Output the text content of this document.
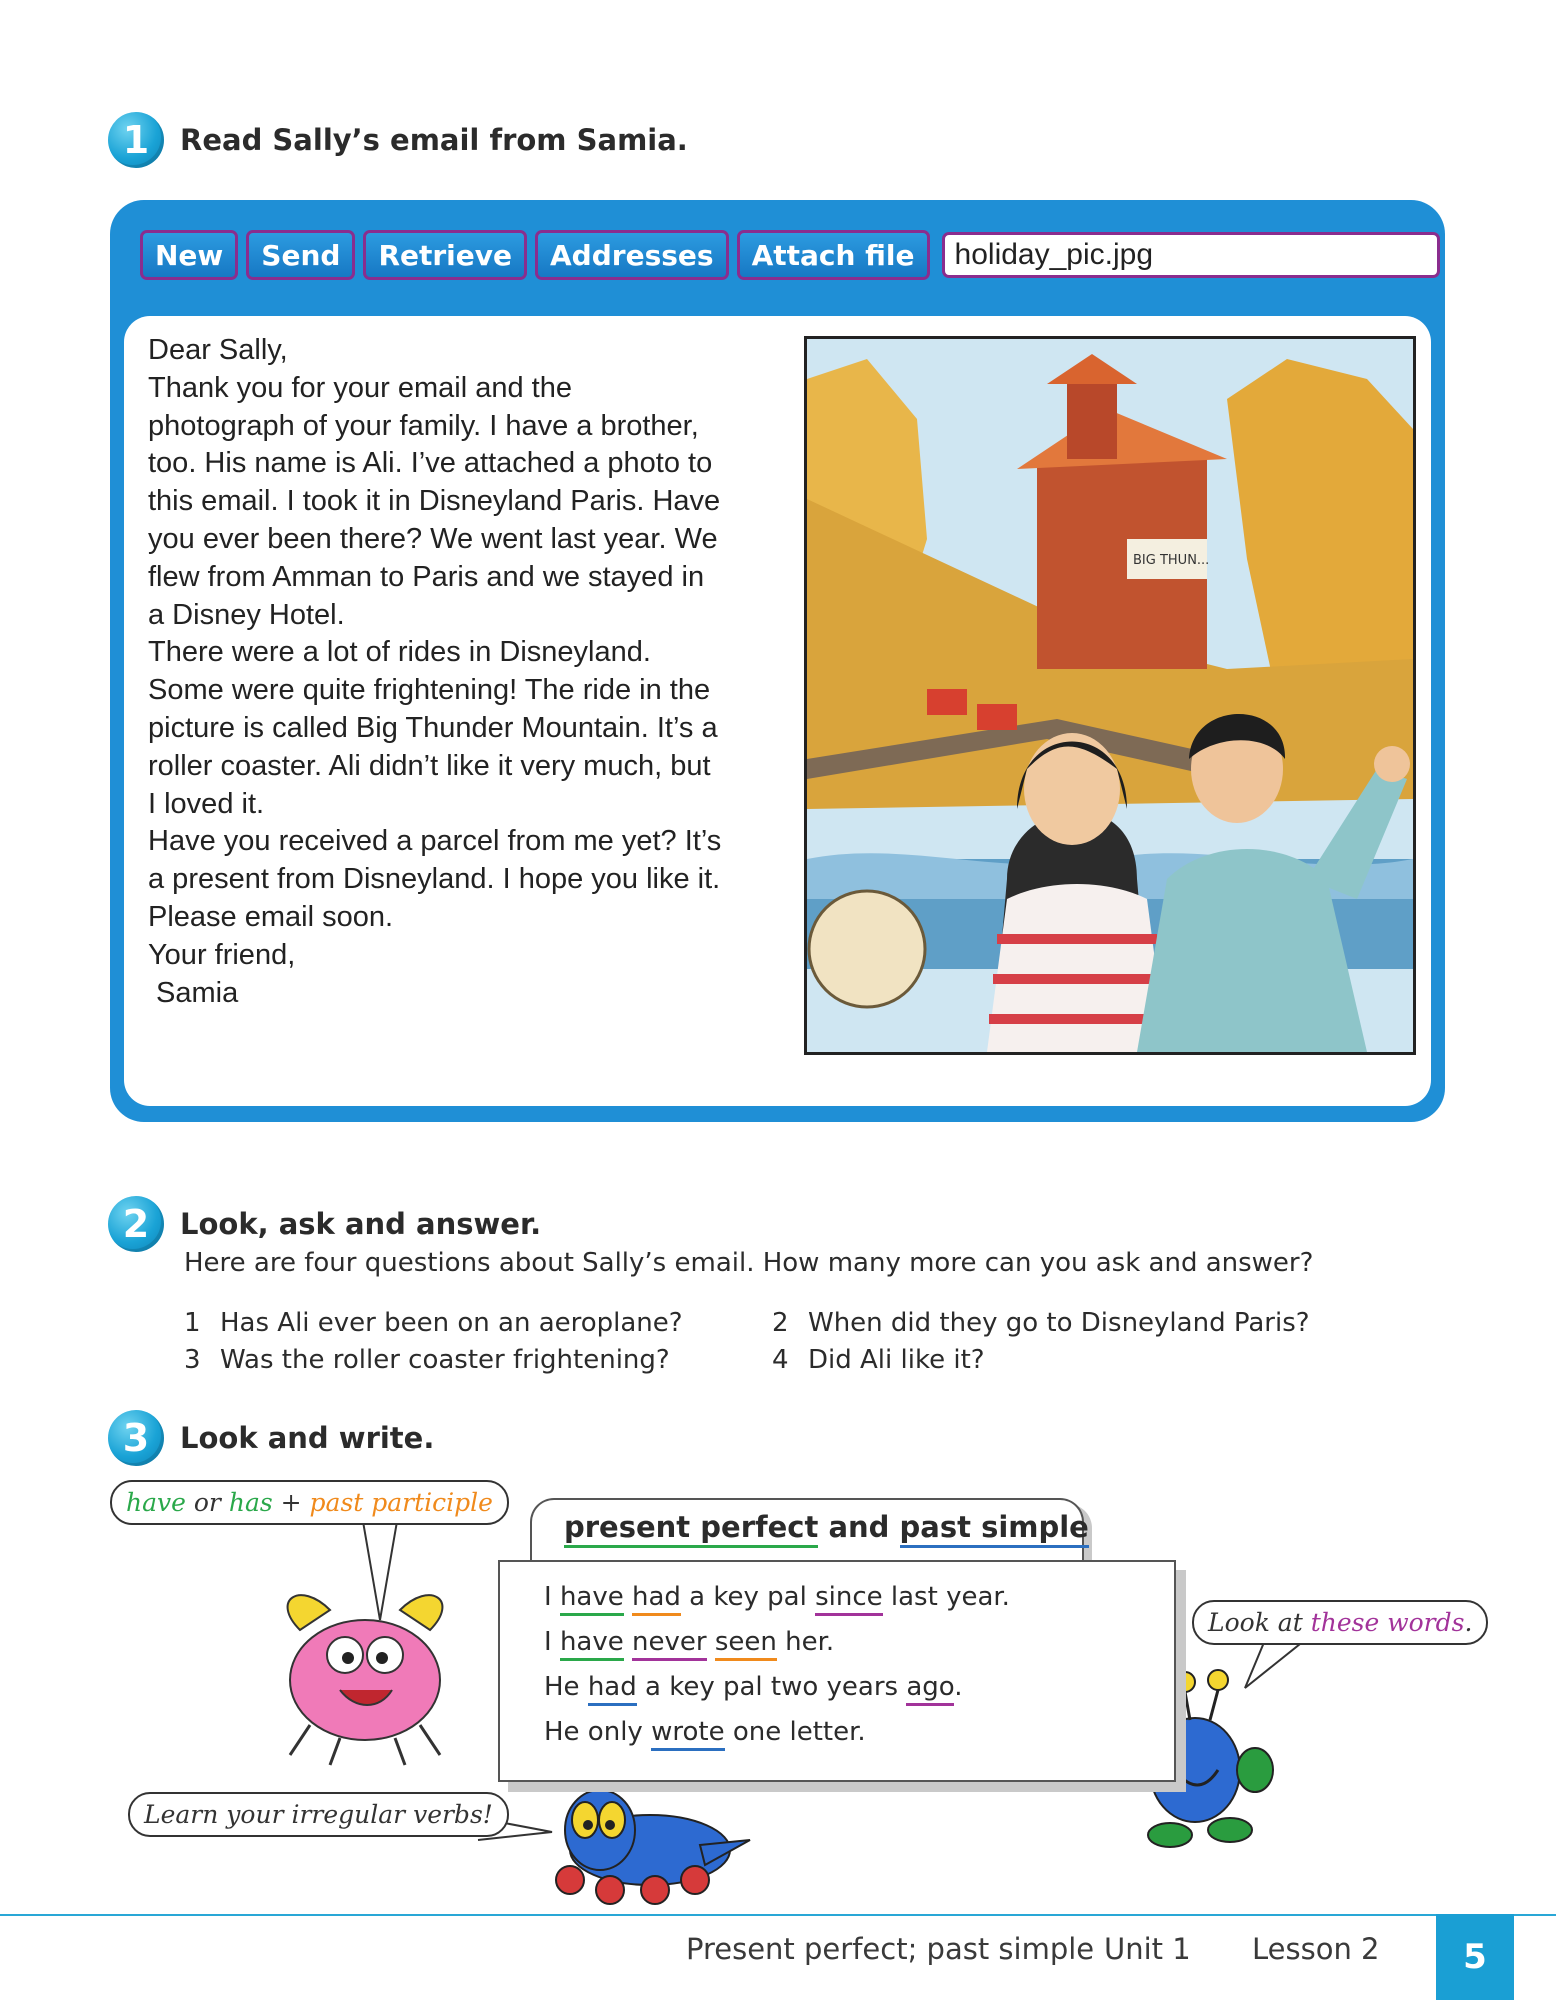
1	Read Sally’s email from Samia.
New	Send	Retrieve	Addresses	Attach file	holiday_pic.jpg
Dear Sally,
Thank you for your email and the
photograph of your family. I have a brother,
too. His name is Ali. I’ve attached a photo to
this email. I took it in Disneyland Paris. Have
you ever been there? We went last year. We
flew from Amman to Paris and we stayed in
a Disney Hotel.
There were a lot of rides in Disneyland.
Some were quite frightening! The ride in the
picture is called Big Thunder Mountain. It’s a
roller coaster. Ali didn’t like it very much, but
I loved it.
Have you received a parcel from me yet? It’s
a present from Disneyland. I hope you like it.
Please email soon.
Your friend,
Samia
BIG THUN...
2	Look, ask and answer.
Here are four questions about Sally’s email. How many more can you ask and answer?
1 Has Ali ever been on an aeroplane?	2 When did they go to Disneyland Paris?
3 Was the roller coaster frightening?	4 Did Ali like it?
3	Look and write.
have or has + past participle
Look at these words.
Learn your irregular verbs!
present perfect and past simple
I have had a key pal since last year.
I have never seen her.
He had a key pal two years ago.
He only wrote one letter.
Present perfect; past simple Unit 1 Lesson 2	5
